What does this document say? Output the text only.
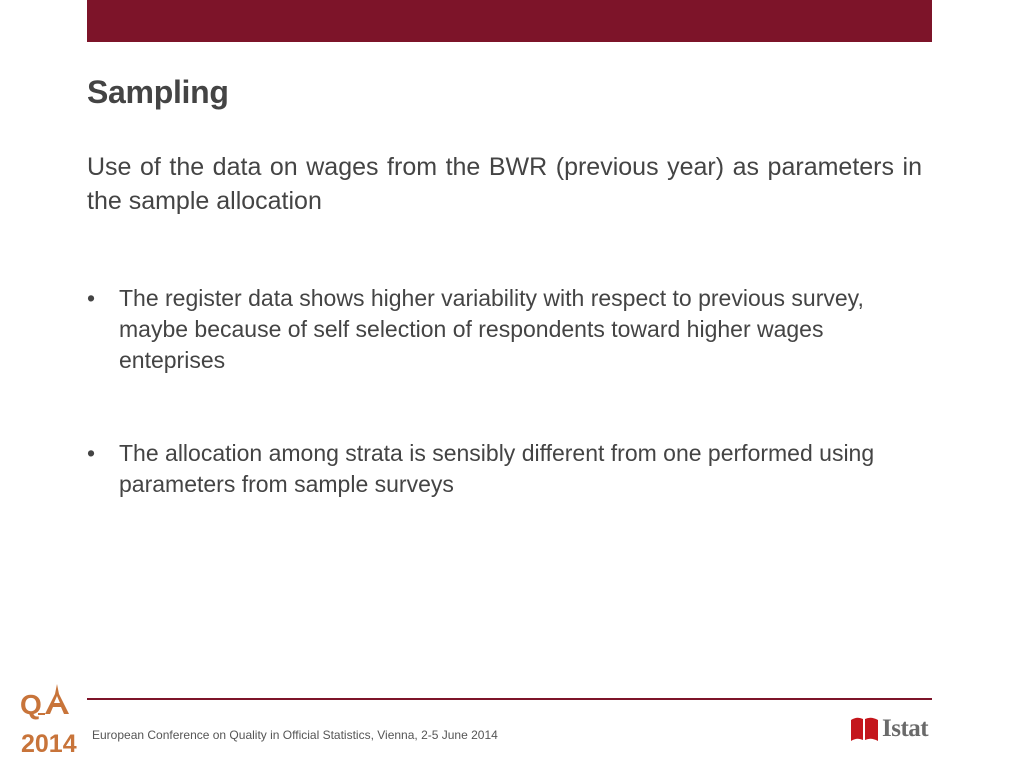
Sampling
Use of the data on wages from the BWR (previous year) as parameters in the sample allocation
•	The register data shows higher variability with respect to previous survey, maybe because of self selection of respondents toward higher wages enteprises
•	The allocation among strata is sensibly different from one performed using parameters from sample surveys
Q
2014 European Conference on Quality in Official Statistics, Vienna, 2-5 June 2014	Istat
